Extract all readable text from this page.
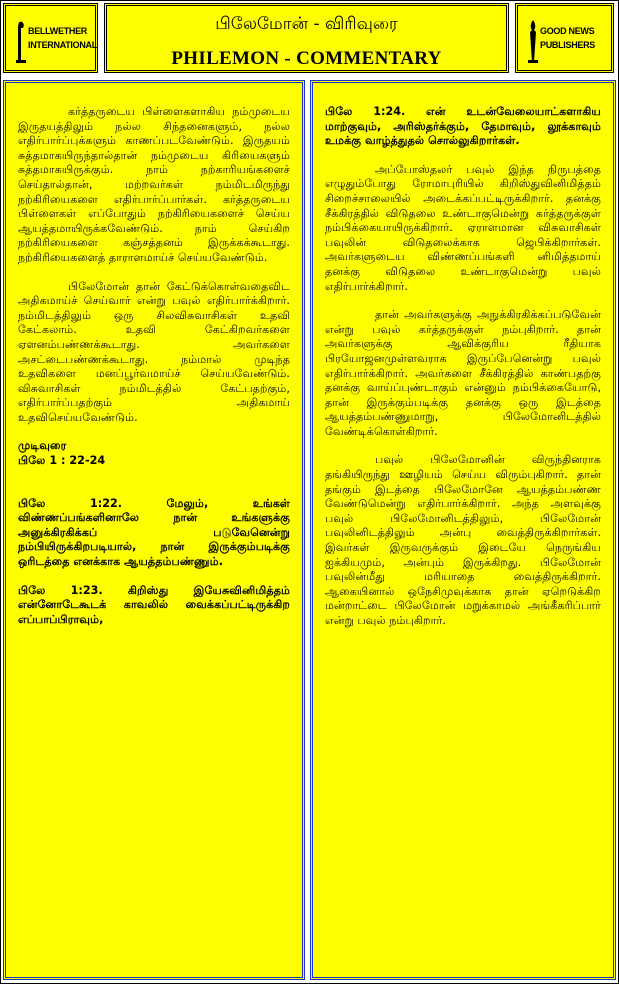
BELLWETHER INTERNATIONAL
பிலேமோன் - விரிவுரை
PHILEMON - COMMENTARY
GOOD NEWS PUBLISHERS

கர்த்தருடைய பிள்ளைகளாகிய நம்முடைய இருதயத்திலும் நல்ல சிந்தனைகளும், நல்ல எதிர்பார்ப்புக்களும் காணப்படவேண்டும். இருதயம் சுத்தமாகயிருந்தால்தான் நம்முடைய கிரியைகளும் சுத்தமாகயிருக்கும். நாம் நற்காரியங்களைச் செய்தால்தான், மற்றவர்கள் நம்மிடமிருந்து நற்கிரியைகளை எதிர்பார்ப்பார்கள். கர்த்தருடைய பிள்ளைகள் எப்போதும் நற்கிரியைகளைச் செய்ய ஆயத்தமாயிருக்கவேண்டும். நாம் செய்கிற நற்கிரியைகளை கஞ்சத்தனம் இருக்கக்கூடாது. நற்கிரியைகளைத் தாராளமாய்ச் செய்யவேண்டும்.

பிலேமோன் தான் கேட்டுக்கொள்வதைவிட அதிகமாய்ச் செய்வார் என்று பவுல் எதிர்பார்க்கிறார். நம்மிடத்திலும் ஒரு சிலவிசுவாசிகள் உதவி கேட்கலாம். உதவி கேட்கிறவர்களை ஏளனம்பண்ணக்கூடாது. அவர்களை அசட்டைபண்ணக்கூடாது. நம்மால் முடிந்த உதவிகளை மனப்பூர்வமாய்ச் செய்யவேண்டும். விசுவாசிகள் நம்மிடத்தில் கேட்பதற்கும், எதிர்பார்ப்பதற்கும் அதிகமாய் உதவிசெய்யவேண்டும்.

முடிவுரை

பிலே 1 : 22-24

பிலே 1:22. மேலும், உங்கள் விண்ணப்பங்களினாலே நான் உங்களுக்கு அனுக்கிரகிக்கப் படுவேனென்று நம்பியிருக்கிறபடியால், நான் இருக்கும்படிக்கு ஒரிடத்தை எனக்காக ஆயத்தம்பண்ணும்.

பிலே 1:23. கிறிஸ்து இயேசுவினிமித்தம் என்னோடேகூடக் காவலில் வைக்கப்பட்டிருக்கிற எப்பாப்பிராவும்,

பிலே 1:24. என் உடன்வேலையாட்களாகிய மாற்குவும், அரிஸ்தர்க்கும், தேமாவும், லூக்காவும் உமக்கு வாழ்த்துதல் சொல்லுகிறார்கள்.

அப்போஸ்தலர் பவுல் இந்த நிருபத்தை எழுதும்போது ரோமாபுரியில் கிறிஸ்துவினிமித்தம் சிறைச்சாலையில் அடைக்கப்பட்டிருக்கிறார். தனக்கு சீக்கிரத்தில் விடுதலை உண்டாகுமென்று கர்த்தருக்குள் நம்பிக்கையாயிருக்கிறார். ஏராளமான விசுவாசிகள் பவுலின் விடுதலைக்காக ஜெபிக்கிறார்கள். அவர்களுடைய விண்ணப்பங்களி னிமித்தமாய் தனக்கு விடுதலை உண்டாகுமென்று பவுல் எதிர்பார்க்கிறார்.

தான் அவர்களுக்கு அநுக்கிரகிக்கப்படுவேன் என்று பவுல் கர்த்தருக்குள் நம்புகிறார். தான் அவர்களுக்கு ஆவிக்குரிய ரீதியாக பிரயோஜனமுள்ளவராக இருப்பேனென்று பவுல் எதிர்பார்க்கிறார். அவர்களை சீக்கிரத்தில் காண்பதற்கு தனக்கு வாய்ப்புண்டாகும் என்னும் நம்பிக்கையோடு, தான் இருக்கும்படிக்கு தனக்கு ஒரு இடத்தை ஆயத்தம்பண்ணுமாறு, பிலேமோனிடத்தில் வேண்டிக்கொள்கிறார்.

பவுல் பிலேமோனின் விருந்தினராக தங்கியிருந்து ஊழியம் செய்ய விரும்புகிறார். தான் தங்கும் இடத்தை பிலேமோனே ஆயத்தம்பண்ண வேண்டுமென்று எதிர்பார்க்கிறார். அந்த அளவுக்கு பவுல் பிலேமோனிடத்திலும், பிலேமோன் பவுலினிடத்திலும் அன்பு வைத்திருக்கிறார்கள். இவர்கள் இருவருக்கும் இடையே நெருங்கிய ஐக்கியமும், அன்பும் இருக்கிறது. பிலேமோன் பவுலின்மீது மரியாதை வைத்திருக்கிறார். ஆகையினால் ஒநேசிமுவுக்காக தான் ஏறெடுக்கிற மன்றாட்டை பிலேமோன் மறுக்காமல் அங்கீகரிப்பார் என்று பவுல் நம்புகிறார்.
